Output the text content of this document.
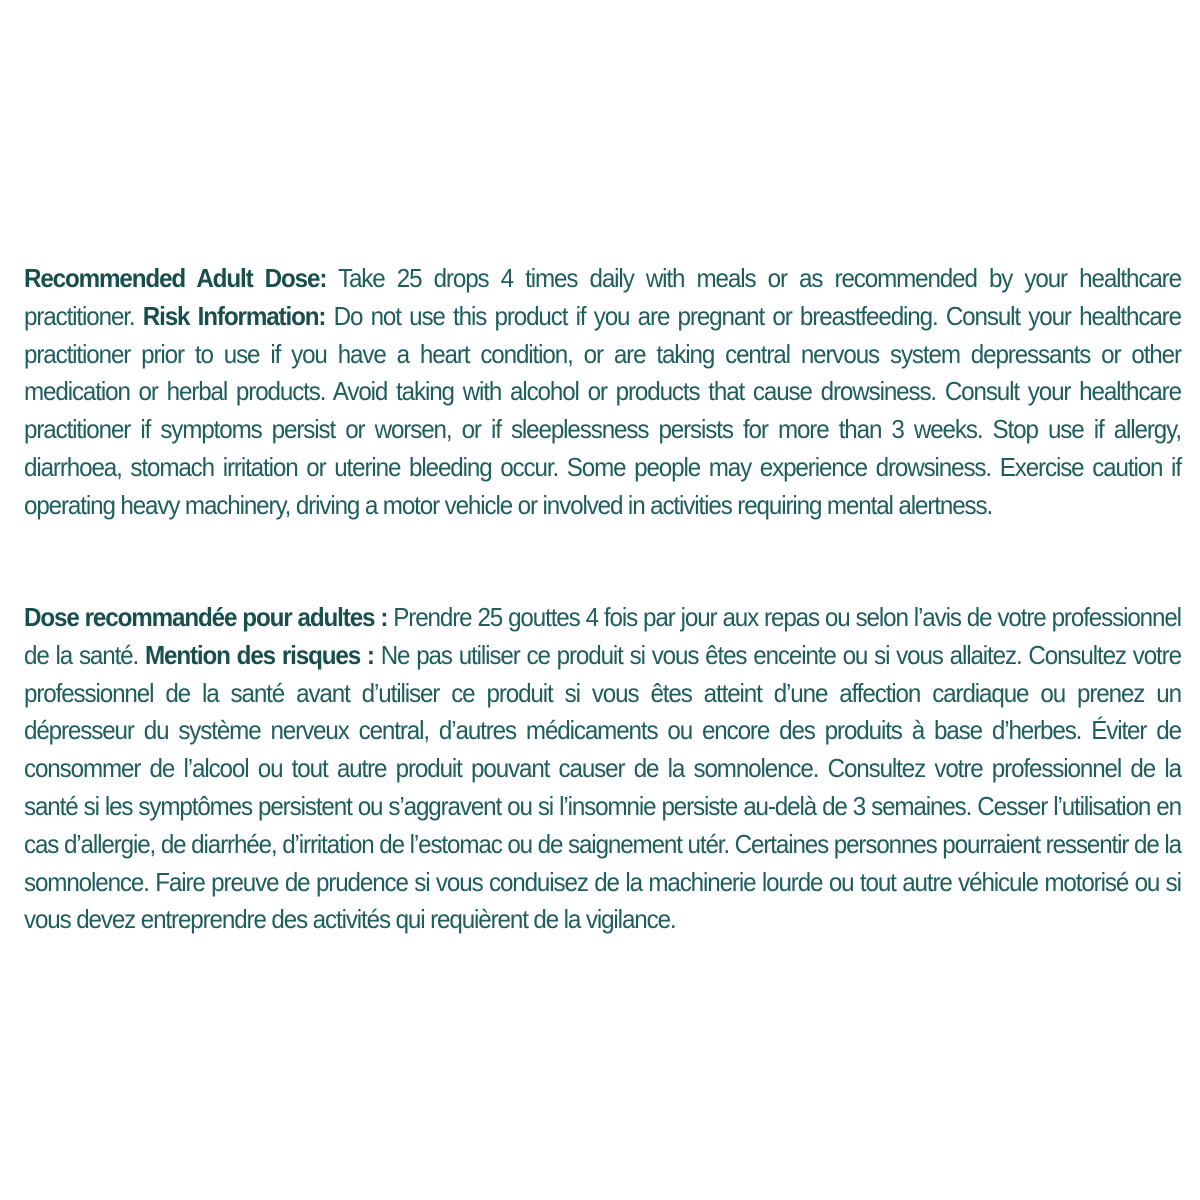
Recommended Adult Dose: Take 25 drops 4 times daily with meals or as recommended by your healthcare practitioner. Risk Information: Do not use this product if you are pregnant or breastfeeding. Consult your healthcare practitioner prior to use if you have a heart condition, or are taking central nervous system depressants or other medication or herbal products. Avoid taking with alcohol or products that cause drowsiness. Consult your healthcare practitioner if symptoms persist or worsen, or if sleeplessness persists for more than 3 weeks. Stop use if allergy, diarrhoea, stomach irritation or uterine bleeding occur. Some people may experience drowsiness. Exercise caution if operating heavy machinery, driving a motor vehicle or involved in activities requiring mental alertness.

Dose recommandée pour adultes : Prendre 25 gouttes 4 fois par jour aux repas ou selon l’avis de votre professionnel de la santé. Mention des risques : Ne pas utiliser ce produit si vous êtes enceinte ou si vous allaitez. Consultez votre professionnel de la santé avant d’utiliser ce produit si vous êtes atteint d’une affection cardiaque ou prenez un dépresseur du système nerveux central, d’autres médicaments ou encore des produits à base d’herbes. Éviter de consommer de l’alcool ou tout autre produit pouvant causer de la somnolence. Consultez votre professionnel de la santé si les symptômes persistent ou s’aggravent ou si l’insomnie persiste au-delà de 3 semaines. Cesser l’utilisation en cas d’allergie, de diarrhée, d’irritation de l’estomac ou de saignement utér. Certaines personnes pourraient ressentir de la somnolence. Faire preuve de prudence si vous conduisez de la machinerie lourde ou tout autre véhicule motorisé ou si vous devez entreprendre des activités qui requièrent de la vigilance.
